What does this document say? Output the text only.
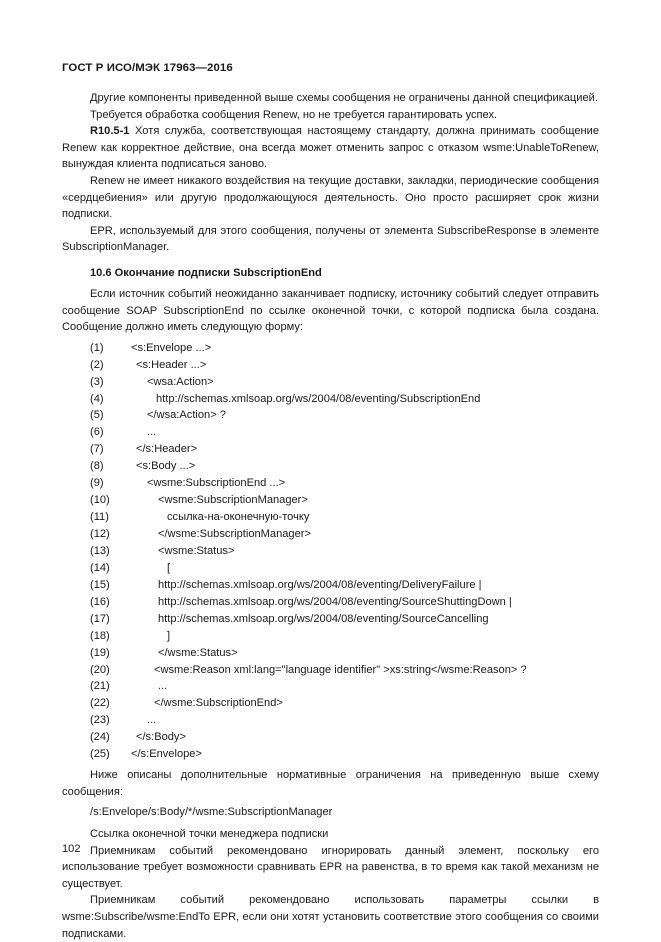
ГОСТ Р ИСО/МЭК 17963—2016

Другие компоненты приведенной выше схемы сообщения не ограничены данной спецификацией.

Требуется обработка сообщения Renew, но не требуется гарантировать успех.

R10.5-1 Хотя служба, соответствующая настоящему стандарту, должна принимать сообщение Renew как корректное действие, она всегда может отменить запрос с отказом wsme:UnableToRenew, вынуждая клиента подписаться заново.

Renew не имеет никакого воздействия на текущие доставки, закладки, периодические сообщения «сердцебиения» или другую продолжающуюся деятельность. Оно просто расширяет срок жизни подписки.

EPR, используемый для этого сообщения, получены от элемента SubscribeResponse в элементе SubscriptionManager.

10.6 Окончание подписки SubscriptionEnd

Если источник событий неожиданно заканчивает подписку, источнику событий следует отправить сообщение SOAP SubscriptionEnd по ссылке оконечной точки, с которой подписка была создана. Сообщение должно иметь следующую форму:

(1) <s:Envelope ...>
(2)	<s:Header ...>
(3)	<wsa:Action>
(4)	http://schemas.xmlsoap.org/ws/2004/08/eventing/SubscriptionEnd
(5)	</wsa:Action> ?
(6)	...
(7)	</s:Header>
(8)	<s:Body ...>
(9)	<wsme:SubscriptionEnd ...>
(10)	<wsme:SubscriptionManager>
(11)	ссылка-на-оконечную-точку
(12)	</wsme:SubscriptionManager>
(13)	<wsme:Status>
(14)	[
(15)	http://schemas.xmlsoap.org/ws/2004/08/eventing/DeliveryFailure |
(16)	http://schemas.xmlsoap.org/ws/2004/08/eventing/SourceShuttingDown |
(17)	http://schemas.xmlsoap.org/ws/2004/08/eventing/SourceCancelling
(18)	]
(19)	</wsme:Status>
(20)	<wsme:Reason xml:lang="language identifier" >xs:string</wsme:Reason> ?
(21)	...
(22)	</wsme:SubscriptionEnd>
(23)	...
(24) </s:Body>
(25) </s:Envelope>

Ниже описаны дополнительные нормативные ограничения на приведенную выше схему сообщения:

/s:Envelope/s:Body/*/wsme:SubscriptionManager

Ссылка оконечной точки менеджера подписки

Приемникам событий рекомендовано игнорировать данный элемент, поскольку его использование требует возможности сравнивать EPR на равенства, в то время как такой механизм не существует.

Приемникам событий рекомендовано использовать параметры ссылки в wsme:Subscribe/wsme:EndTo EPR, если они хотят установить соответствие этого сообщения со своими подписками.

102
